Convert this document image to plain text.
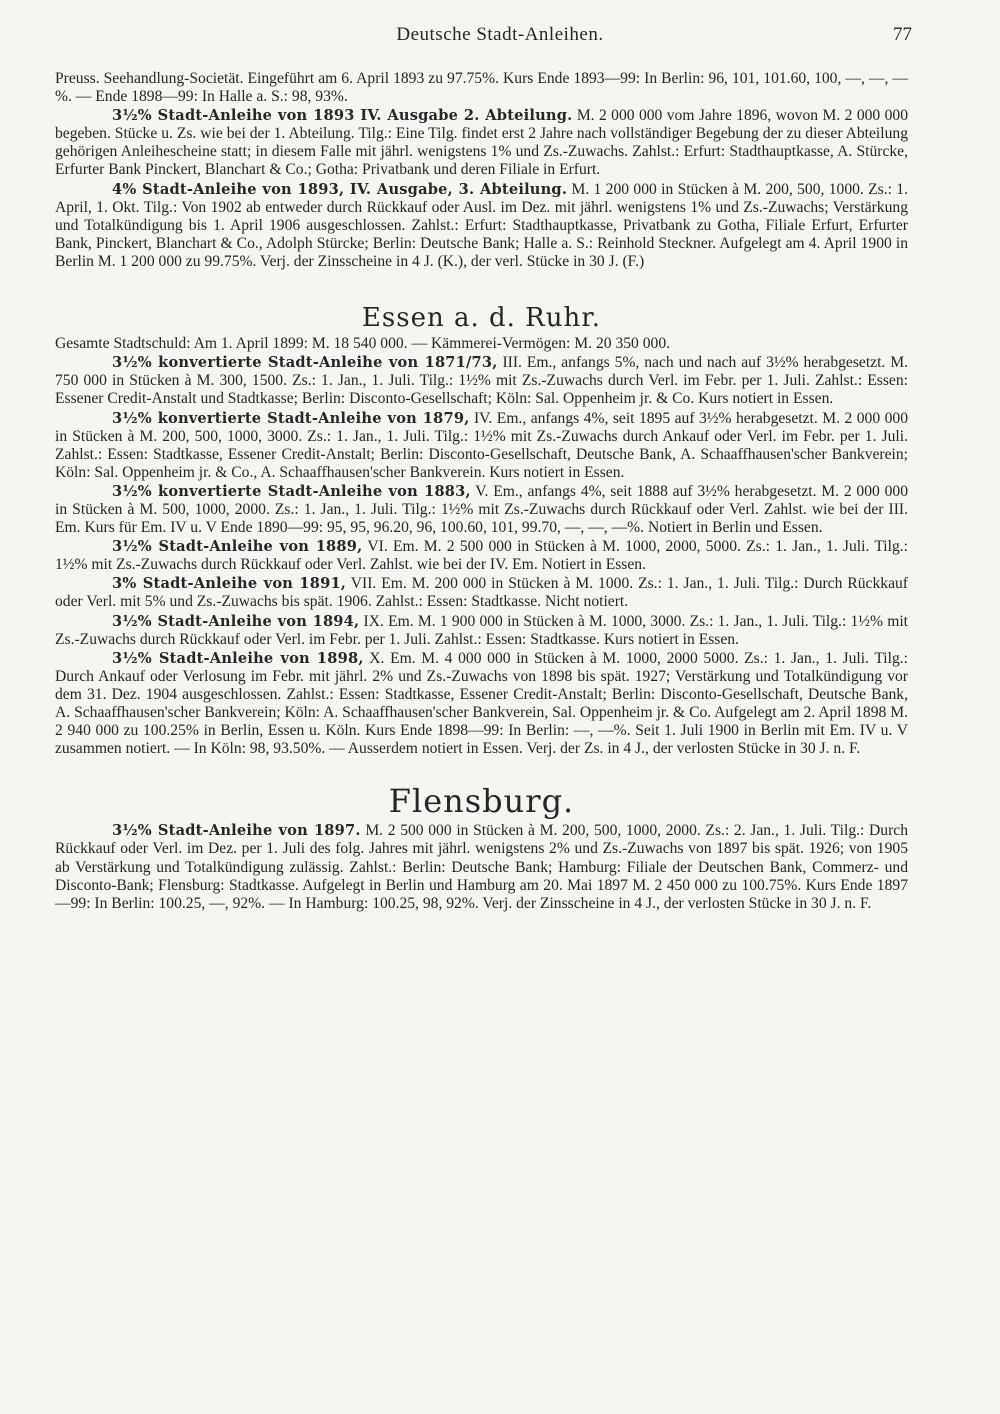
Deutsche Stadt-Anleihen.	77

Preuss. Seehandlung-Societät. Eingeführt am 6. April 1893 zu 97.75%. Kurs Ende 1893—99: In Berlin: 96, 101, 101.60, 100, —, —, —%. — Ende 1898—99: In Halle a. S.: 98, 93%.

3½% Stadt-Anleihe von 1893 IV. Ausgabe 2. Abteilung. M. 2 000 000 vom Jahre 1896, wovon M. 2 000 000 begeben. Stücke u. Zs. wie bei der 1. Abteilung. Tilg.: Eine Tilg. findet erst 2 Jahre nach vollständiger Begebung der zu dieser Abteilung gehörigen Anleihescheine statt; in diesem Falle mit jährl. wenigstens 1% und Zs.-Zuwachs. Zahlst.: Erfurt: Stadthauptkasse, A. Stürcke, Erfurter Bank Pinckert, Blanchart & Co.; Gotha: Privatbank und deren Filiale in Erfurt.

4% Stadt-Anleihe von 1893, IV. Ausgabe, 3. Abteilung. M. 1 200 000 in Stücken à M. 200, 500, 1000. Zs.: 1. April, 1. Okt. Tilg.: Von 1902 ab entweder durch Rückkauf oder Ausl. im Dez. mit jährl. wenigstens 1% und Zs.-Zuwachs; Verstärkung und Totalkündigung bis 1. April 1906 ausgeschlossen. Zahlst.: Erfurt: Stadthauptkasse, Privatbank zu Gotha, Filiale Erfurt, Erfurter Bank, Pinckert, Blanchart & Co., Adolph Stürcke; Berlin: Deutsche Bank; Halle a. S.: Reinhold Steckner. Aufgelegt am 4. April 1900 in Berlin M. 1 200 000 zu 99.75%. Verj. der Zinsscheine in 4 J. (K.), der verl. Stücke in 30 J. (F.)

Essen a. d. Ruhr.

Gesamte Stadtschuld: Am 1. April 1899: M. 18 540 000. — Kämmerei-Vermögen: M. 20 350 000.

3½% konvertierte Stadt-Anleihe von 1871/73, III. Em., anfangs 5%, nach und nach auf 3½% herabgesetzt. M. 750 000 in Stücken à M. 300, 1500. Zs.: 1. Jan., 1. Juli. Tilg.: 1½% mit Zs.-Zuwachs durch Verl. im Febr. per 1. Juli. Zahlst.: Essen: Essener Credit-Anstalt und Stadtkasse; Berlin: Disconto-Gesellschaft; Köln: Sal. Oppenheim jr. & Co. Kurs notiert in Essen.

3½% konvertierte Stadt-Anleihe von 1879, IV. Em., anfangs 4%, seit 1895 auf 3½% herabgesetzt. M. 2 000 000 in Stücken à M. 200, 500, 1000, 3000. Zs.: 1. Jan., 1. Juli. Tilg.: 1½% mit Zs.-Zuwachs durch Ankauf oder Verl. im Febr. per 1. Juli. Zahlst.: Essen: Stadtkasse, Essener Credit-Anstalt; Berlin: Disconto-Gesellschaft, Deutsche Bank, A. Schaaffhausen'scher Bankverein; Köln: Sal. Oppenheim jr. & Co., A. Schaaffhausen'scher Bankverein. Kurs notiert in Essen.

3½% konvertierte Stadt-Anleihe von 1883, V. Em., anfangs 4%, seit 1888 auf 3½% herabgesetzt. M. 2 000 000 in Stücken à M. 500, 1000, 2000. Zs.: 1. Jan., 1. Juli. Tilg.: 1½% mit Zs.-Zuwachs durch Rückkauf oder Verl. Zahlst. wie bei der III. Em. Kurs für Em. IV u. V Ende 1890—99: 95, 95, 96.20, 96, 100.60, 101, 99.70, —, —, —%. Notiert in Berlin und Essen.

3½% Stadt-Anleihe von 1889, VI. Em. M. 2 500 000 in Stücken à M. 1000, 2000, 5000. Zs.: 1. Jan., 1. Juli. Tilg.: 1½% mit Zs.-Zuwachs durch Rückkauf oder Verl. Zahlst. wie bei der IV. Em. Notiert in Essen.

3% Stadt-Anleihe von 1891, VII. Em. M. 200 000 in Stücken à M. 1000. Zs.: 1. Jan., 1. Juli. Tilg.: Durch Rückkauf oder Verl. mit 5% und Zs.-Zuwachs bis spät. 1906. Zahlst.: Essen: Stadtkasse. Nicht notiert.

3½% Stadt-Anleihe von 1894, IX. Em. M. 1 900 000 in Stücken à M. 1000, 3000. Zs.: 1. Jan., 1. Juli. Tilg.: 1½% mit Zs.-Zuwachs durch Rückkauf oder Verl. im Febr. per 1. Juli. Zahlst.: Essen: Stadtkasse. Kurs notiert in Essen.

3½% Stadt-Anleihe von 1898, X. Em. M. 4 000 000 in Stücken à M. 1000, 2000 5000. Zs.: 1. Jan., 1. Juli. Tilg.: Durch Ankauf oder Verlosung im Febr. mit jährl. 2% und Zs.-Zuwachs von 1898 bis spät. 1927; Verstärkung und Totalkündigung vor dem 31. Dez. 1904 ausgeschlossen. Zahlst.: Essen: Stadtkasse, Essener Credit-Anstalt; Berlin: Disconto-Gesellschaft, Deutsche Bank, A. Schaaffhausen'scher Bankverein; Köln: A. Schaaffhausen'scher Bankverein, Sal. Oppenheim jr. & Co. Aufgelegt am 2. April 1898 M. 2 940 000 zu 100.25% in Berlin, Essen u. Köln. Kurs Ende 1898—99: In Berlin: —, —%. Seit 1. Juli 1900 in Berlin mit Em. IV u. V zusammen notiert. — In Köln: 98, 93.50%. — Ausserdem notiert in Essen. Verj. der Zs. in 4 J., der verlosten Stücke in 30 J. n. F.

Flensburg.

3½% Stadt-Anleihe von 1897. M. 2 500 000 in Stücken à M. 200, 500, 1000, 2000. Zs.: 2. Jan., 1. Juli. Tilg.: Durch Rückkauf oder Verl. im Dez. per 1. Juli des folg. Jahres mit jährl. wenigstens 2% und Zs.-Zuwachs von 1897 bis spät. 1926; von 1905 ab Verstärkung und Totalkündigung zulässig. Zahlst.: Berlin: Deutsche Bank; Hamburg: Filiale der Deutschen Bank, Commerz- und Disconto-Bank; Flensburg: Stadtkasse. Aufgelegt in Berlin und Hamburg am 20. Mai 1897 M. 2 450 000 zu 100.75%. Kurs Ende 1897—99: In Berlin: 100.25, —, 92%. — In Hamburg: 100.25, 98, 92%. Verj. der Zinsscheine in 4 J., der verlosten Stücke in 30 J. n. F.
